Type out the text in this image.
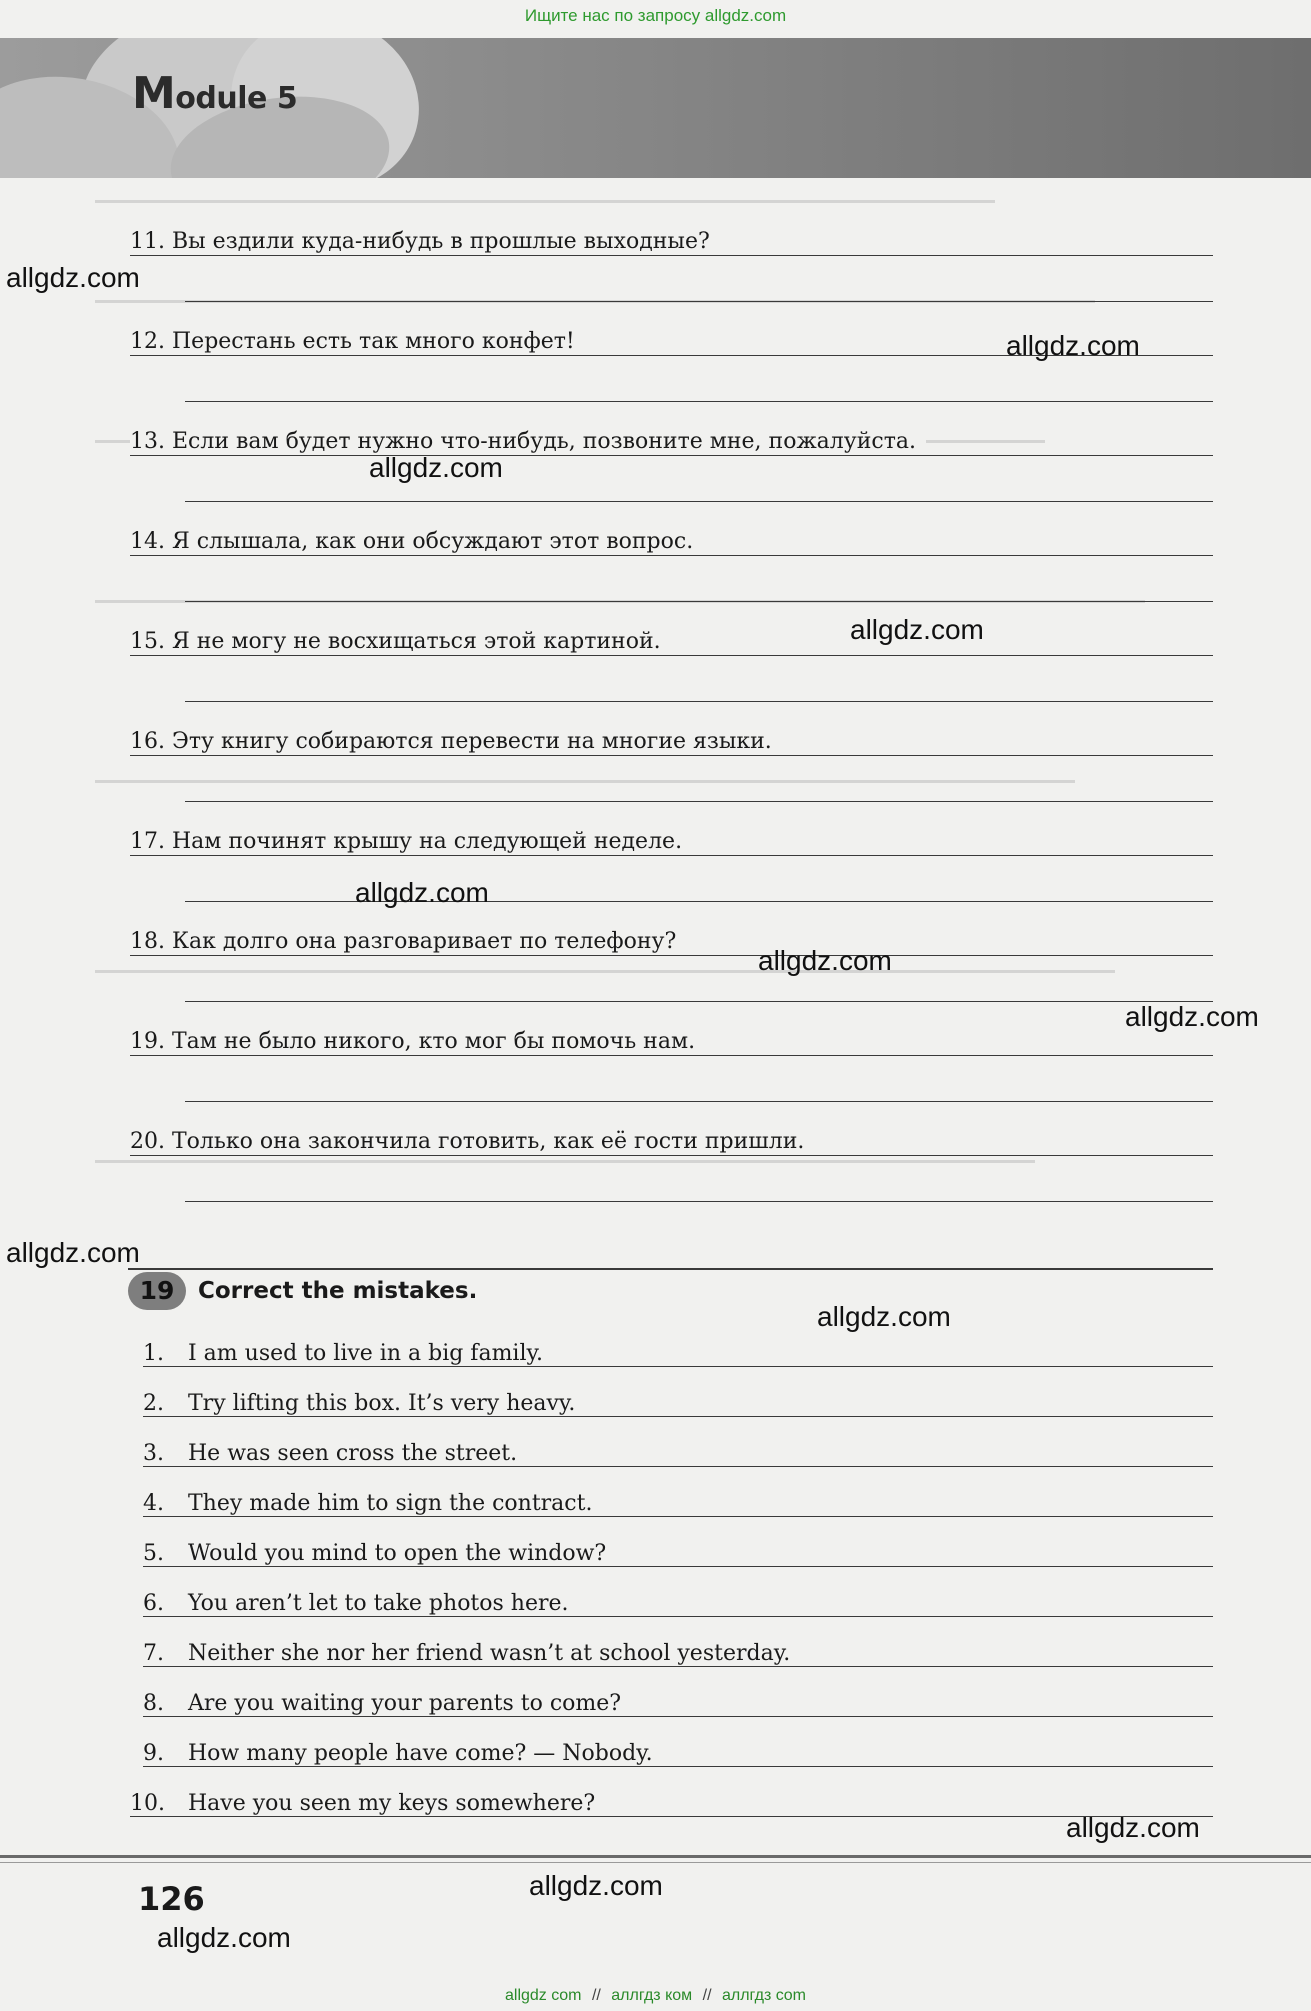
Ищите нас по запросу allgdz.com
Module 5
11. Вы ездили куда-нибудь в прошлые выходные?
12. Перестань есть так много конфет!
13. Если вам будет нужно что-нибудь, позвоните мне, пожалуйста.
14. Я слышала, как они обсуждают этот вопрос.
15. Я не могу не восхищаться этой картиной.
16. Эту книгу собираются перевести на многие языки.
17. Нам починят крышу на следующей неделе.
18. Как долго она разговаривает по телефону?
19. Там не было никого, кто мог бы помочь нам.
20. Только она закончила готовить, как её гости пришли.
19	Correct the mistakes.
1. I am used to live in a big family.
2. Try lifting this box. It’s very heavy.
3. He was seen cross the street.
4. They made him to sign the contract.
5. Would you mind to open the window?
6. You aren’t let to take photos here.
7. Neither she nor her friend wasn’t at school yesterday.
8. Are you waiting your parents to come?
9. How many people have come? — Nobody.
10. Have you seen my keys somewhere?
allgdz.com
allgdz.com
allgdz.com
allgdz.com
allgdz.com
allgdz.com
allgdz.com
allgdz.com
allgdz.com
allgdz.com
allgdz.com
allgdz.com

126

allgdz com // аллгдз ком // аллгдз com
